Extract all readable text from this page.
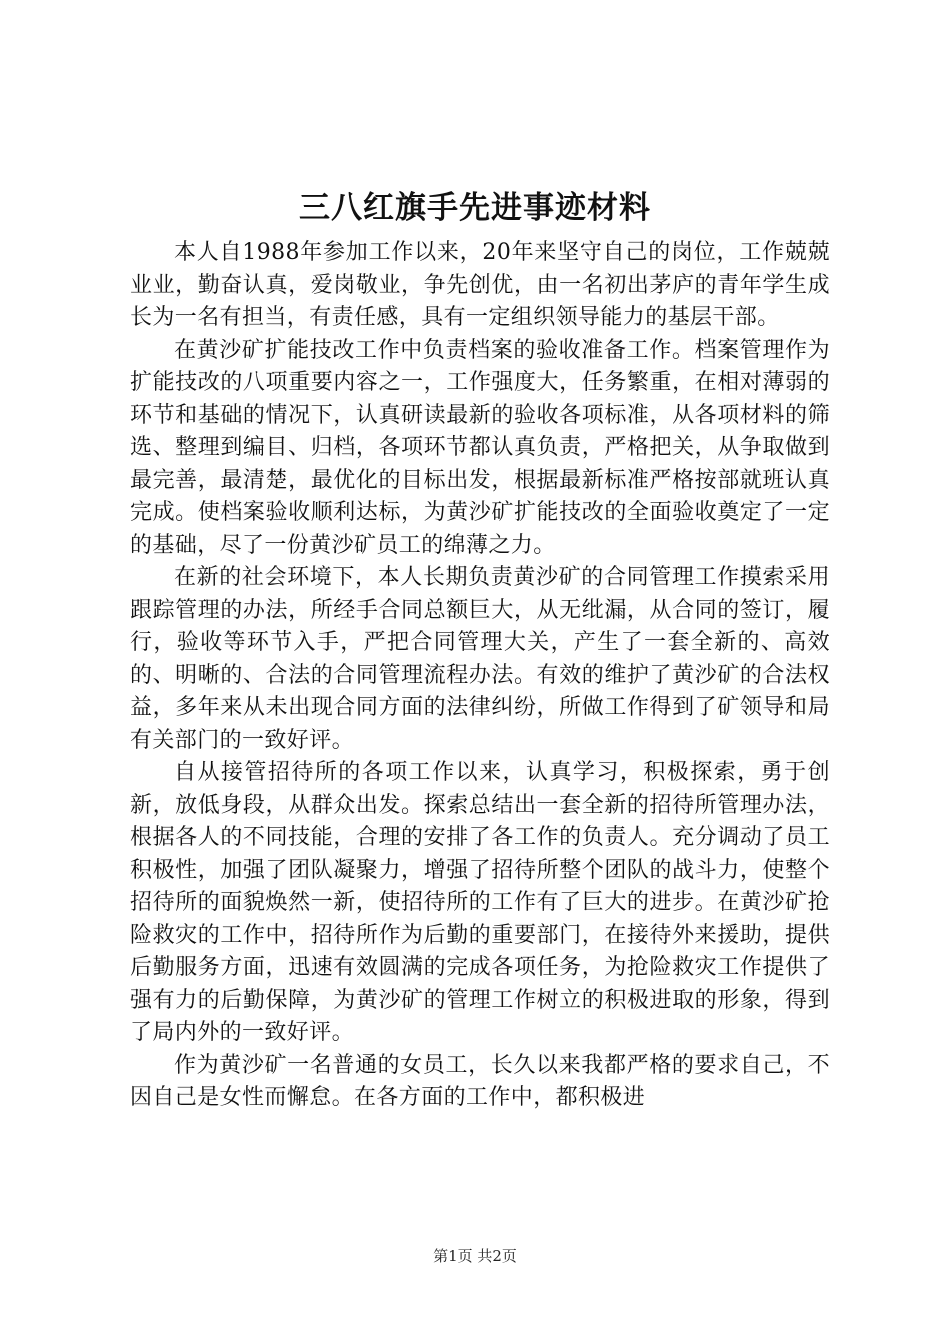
三八红旗手先进事迹材料

本人自1988年参加工作以来，20年来坚守自己的岗位，工作兢兢业业，勤奋认真，爱岗敬业，争先创优，由一名初出茅庐的青年学生成长为一名有担当，有责任感，具有一定组织领导能力的基层干部。

在黄沙矿扩能技改工作中负责档案的验收准备工作。档案管理作为扩能技改的八项重要内容之一，工作强度大，任务繁重，在相对薄弱的环节和基础的情况下，认真研读最新的验收各项标准，从各项材料的筛选、整理到编目、归档，各项环节都认真负责，严格把关，从争取做到最完善，最清楚，最优化的目标出发，根据最新标准严格按部就班认真完成。使档案验收顺利达标，为黄沙矿扩能技改的全面验收奠定了一定的基础，尽了一份黄沙矿员工的绵薄之力。

在新的社会环境下，本人长期负责黄沙矿的合同管理工作摸索采用跟踪管理的办法，所经手合同总额巨大，从无纰漏，从合同的签订，履行，验收等环节入手，严把合同管理大关，产生了一套全新的、高效的、明晰的、合法的合同管理流程办法。有效的维护了黄沙矿的合法权益，多年来从未出现合同方面的法律纠纷，所做工作得到了矿领导和局有关部门的一致好评。

自从接管招待所的各项工作以来，认真学习，积极探索，勇于创新，放低身段，从群众出发。探索总结出一套全新的招待所管理办法，根据各人的不同技能，合理的安排了各工作的负责人。充分调动了员工积极性，加强了团队凝聚力，增强了招待所整个团队的战斗力，使整个招待所的面貌焕然一新，使招待所的工作有了巨大的进步。在黄沙矿抢险救灾的工作中，招待所作为后勤的重要部门，在接待外来援助，提供后勤服务方面，迅速有效圆满的完成各项任务，为抢险救灾工作提供了强有力的后勤保障，为黄沙矿的管理工作树立的积极进取的形象，得到了局内外的一致好评。

作为黄沙矿一名普通的女员工，长久以来我都严格的要求自己，不因自己是女性而懈怠。在各方面的工作中，都积极进

第1页 共2页
